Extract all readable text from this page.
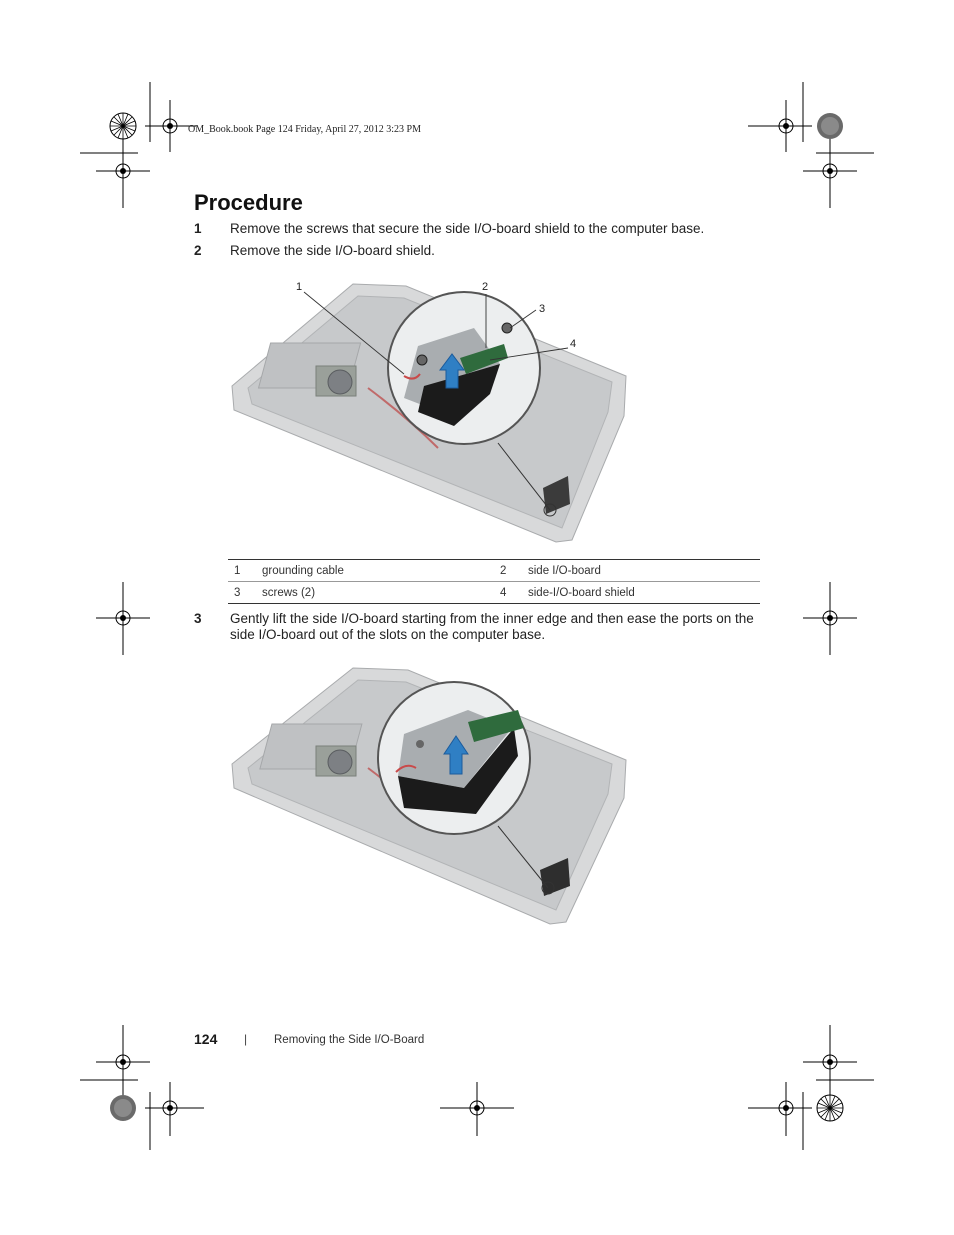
OM_Book.book Page 124 Friday, April 27, 2012 3:23 PM
Procedure
1 Remove the screws that secure the side I/O-board shield to the computer base.
2 Remove the side I/O-board shield.
1	2
3
4
1	grounding cable	2	side I/O-board
3	screws (2)	4	side-I/O-board shield
3 Gently lift the side I/O-board starting from the inner edge and then ease the ports on the side I/O-board out of the slots on the computer base.
124 | Removing the Side I/O-Board
